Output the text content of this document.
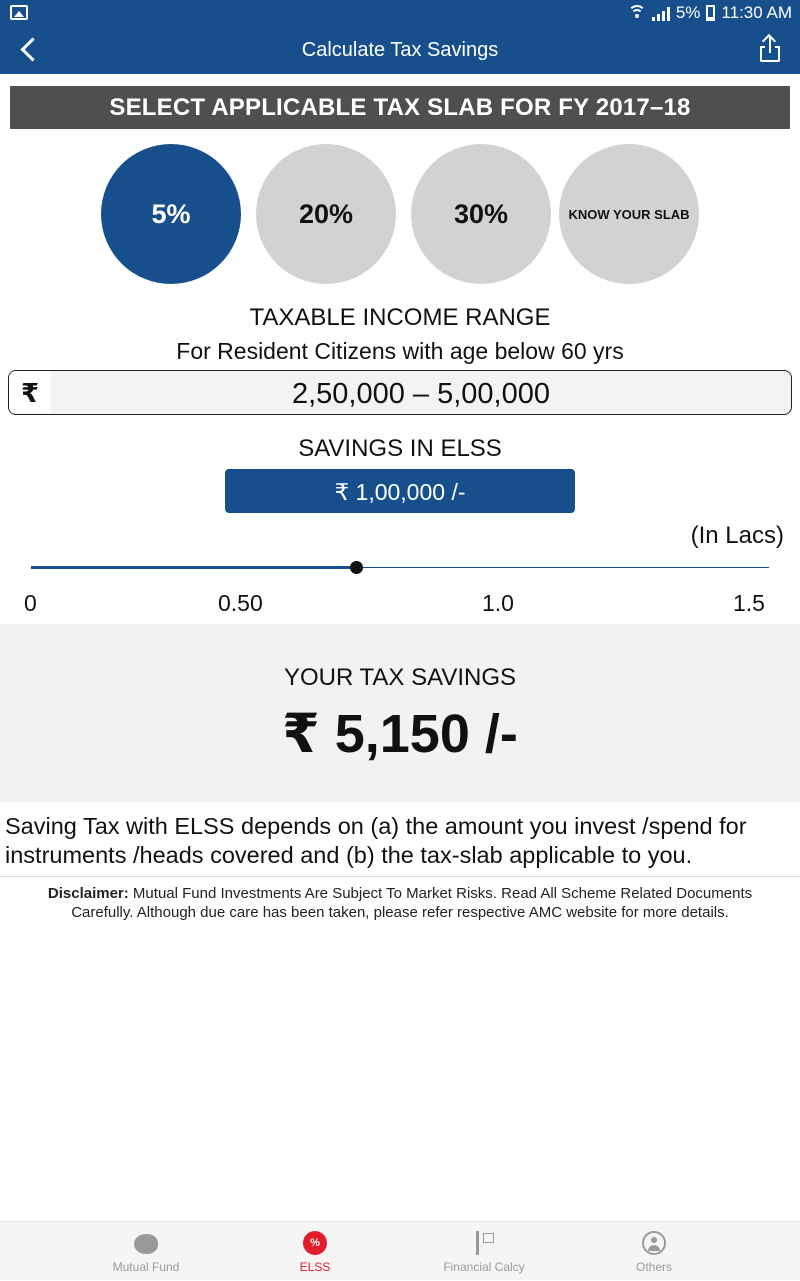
5% 11:30 AM
Calculate Tax Savings
SELECT APPLICABLE TAX SLAB FOR FY 2017–18
5%	20%	30%	KNOW YOUR SLAB
TAXABLE INCOME RANGE
For Resident Citizens with age below 60 yrs
₹	2,50,000 – 5,00,000
SAVINGS IN ELSS
₹ 1,00,000 /-
(In Lacs)
0	0.50	1.0	1.5
YOUR TAX SAVINGS
₹ 5,150 /-
Saving Tax with ELSS depends on (a) the amount you invest /spend for instruments /heads covered and (b) the tax-slab applicable to you.
Disclaimer: Mutual Fund Investments Are Subject To Market Risks. Read All Scheme Related Documents Carefully. Although due care has been taken, please refer respective AMC website for more details.
Mutual Fund
%
ELSS	Financial Calcy	Others
